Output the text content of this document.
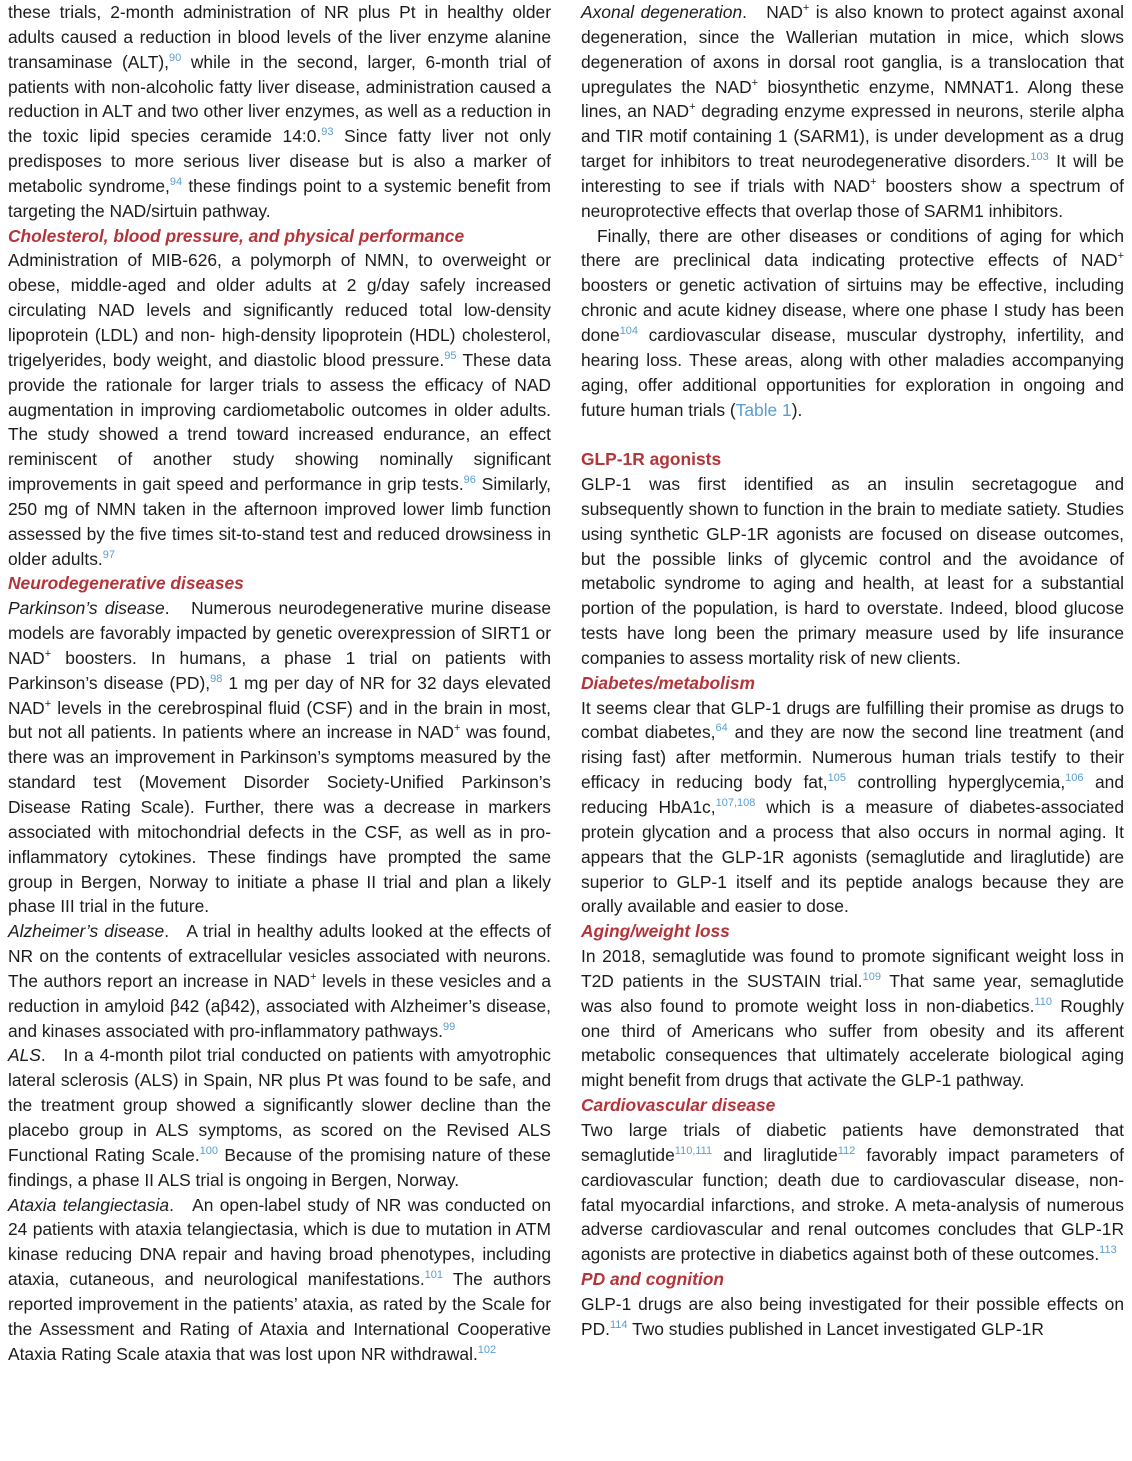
these trials, 2-month administration of NR plus Pt in healthy older adults caused a reduction in blood levels of the liver enzyme alanine transaminase (ALT),$^{90}$ while in the second, larger, 6-month trial of patients with non-alcoholic fatty liver disease, administration caused a reduction in ALT and two other liver enzymes, as well as a reduction in the toxic lipid species ceramide 14:0.93 Since fatty liver not only predisposes to more serious liver disease but is also a marker of metabolic syndrome,$^{94}$ these findings point to a systemic benefit from targeting the NAD/sirtuin pathway.

Cholesterol, blood pressure, and physical performance

Administration of MIB-626, a polymorph of NMN, to overweight or obese, middle-aged and older adults at 2 g/day safely increased circulating NAD levels and significantly reduced total low-density lipoprotein (LDL) and non- high-density lipoprotein (HDL) cholesterol, trigelyerides, body weight, and diastolic blood pressure.$^{95}$ These data provide the rationale for larger trials to assess the efficacy of NAD augmentation in improving cardiometabolic outcomes in older adults. The study showed a trend toward increased endurance, an effect reminiscent of another study showing nominally significant improvements in gait speed and performance in grip tests.$^{96}$ Similarly, 250 mg of NMN taken in the afternoon improved lower limb function assessed by the five times sit-to-stand test and reduced drowsiness in older adults.$^{97}$

Neurodegenerative diseases

Parkinson’s disease.   Numerous neurodegenerative murine disease models are favorably impacted by genetic overexpression of SIRT1 or NAD+ boosters. In humans, a phase 1 trial on patients with Parkinson’s disease (PD),$^{98}$ 1 mg per day of NR for 32 days elevated NAD+ levels in the cerebrospinal fluid (CSF) and in the brain in most, but not all patients. In patients where an increase in NAD+ was found, there was an improvement in Parkinson’s symptoms measured by the standard test (Movement Disorder Society-Unified Parkinson’s Disease Rating Scale). Further, there was a decrease in markers associated with mitochondrial defects in the CSF, as well as in pro-inflammatory cytokines. These findings have prompted the same group in Bergen, Norway to initiate a phase II trial and plan a likely phase III trial in the future.

Alzheimer’s disease.   A trial in healthy adults looked at the effects of NR on the contents of extracellular vesicles associated with neurons. The authors report an increase in NAD+ levels in these vesicles and a reduction in amyloid β42 (aβ42), associated with Alzheimer’s disease, and kinases associated with pro-inflammatory pathways.$^{99}$

ALS.   In a 4-month pilot trial conducted on patients with amyotrophic lateral sclerosis (ALS) in Spain, NR plus Pt was found to be safe, and the treatment group showed a significantly slower decline than the placebo group in ALS symptoms, as scored on the Revised ALS Functional Rating Scale.$^{100}$ Because of the promising nature of these findings, a phase II ALS trial is ongoing in Bergen, Norway.

Ataxia telangiectasia.   An open-label study of NR was conducted on 24 patients with ataxia telangiectasia, which is due to mutation in ATM kinase reducing DNA repair and having broad phenotypes, including ataxia, cutaneous, and neurological manifestations.$^{101}$ The authors reported improvement in the patients’ ataxia, as rated by the Scale for the Assessment and Rating of Ataxia and International Cooperative Ataxia Rating Scale ataxia that was lost upon NR withdrawal.$^{102}$

Axonal degeneration.   NAD+ is also known to protect against axonal degeneration, since the Wallerian mutation in mice, which slows degeneration of axons in dorsal root ganglia, is a translocation that upregulates the NAD+ biosynthetic enzyme, NMNAT1. Along these lines, an NAD+ degrading enzyme expressed in neurons, sterile alpha and TIR motif containing 1 (SARM1), is under development as a drug target for inhibitors to treat neurodegenerative disorders.$^{103}$ It will be interesting to see if trials with NAD+ boosters show a spectrum of neuroprotective effects that overlap those of SARM1 inhibitors.

Finally, there are other diseases or conditions of aging for which there are preclinical data indicating protective effects of NAD+ boosters or genetic activation of sirtuins may be effective, including chronic and acute kidney disease, where one phase I study has been done$^{104}$ cardiovascular disease, muscular dystrophy, infertility, and hearing loss. These areas, along with other maladies accompanying aging, offer additional opportunities for exploration in ongoing and future human trials (Table 1).

GLP-1R agonists

GLP-1 was first identified as an insulin secretagogue and subsequently shown to function in the brain to mediate satiety. Studies using synthetic GLP-1R agonists are focused on disease outcomes, but the possible links of glycemic control and the avoidance of metabolic syndrome to aging and health, at least for a substantial portion of the population, is hard to overstate. Indeed, blood glucose tests have long been the primary measure used by life insurance companies to assess mortality risk of new clients.

Diabetes/metabolism

It seems clear that GLP-1 drugs are fulfilling their promise as drugs to combat diabetes,$^{64}$ and they are now the second line treatment (and rising fast) after metformin. Numerous human trials testify to their efficacy in reducing body fat,$^{105}$ controlling hyperglycemia,$^{106}$ and reducing HbA1c,$^{107,108}$ which is a measure of diabetes-associated protein glycation and a process that also occurs in normal aging. It appears that the GLP-1R agonists (semaglutide and liraglutide) are superior to GLP-1 itself and its peptide analogs because they are orally available and easier to dose.

Aging/weight loss

In 2018, semaglutide was found to promote significant weight loss in T2D patients in the SUSTAIN trial.$^{109}$ That same year, semaglutide was also found to promote weight loss in non-diabetics.$^{110}$ Roughly one third of Americans who suffer from obesity and its afferent metabolic consequences that ultimately accelerate biological aging might benefit from drugs that activate the GLP-1 pathway.

Cardiovascular disease

Two large trials of diabetic patients have demonstrated that semaglutide$^{110,111}$ and liraglutide$^{112}$ favorably impact parameters of cardiovascular function; death due to cardiovascular disease, non-fatal myocardial infarctions, and stroke. A meta-analysis of numerous adverse cardiovascular and renal outcomes concludes that GLP-1R agonists are protective in diabetics against both of these outcomes.$^{113}$

PD and cognition

GLP-1 drugs are also being investigated for their possible effects on PD.$^{114}$ Two studies published in Lancet investigated GLP-1R
